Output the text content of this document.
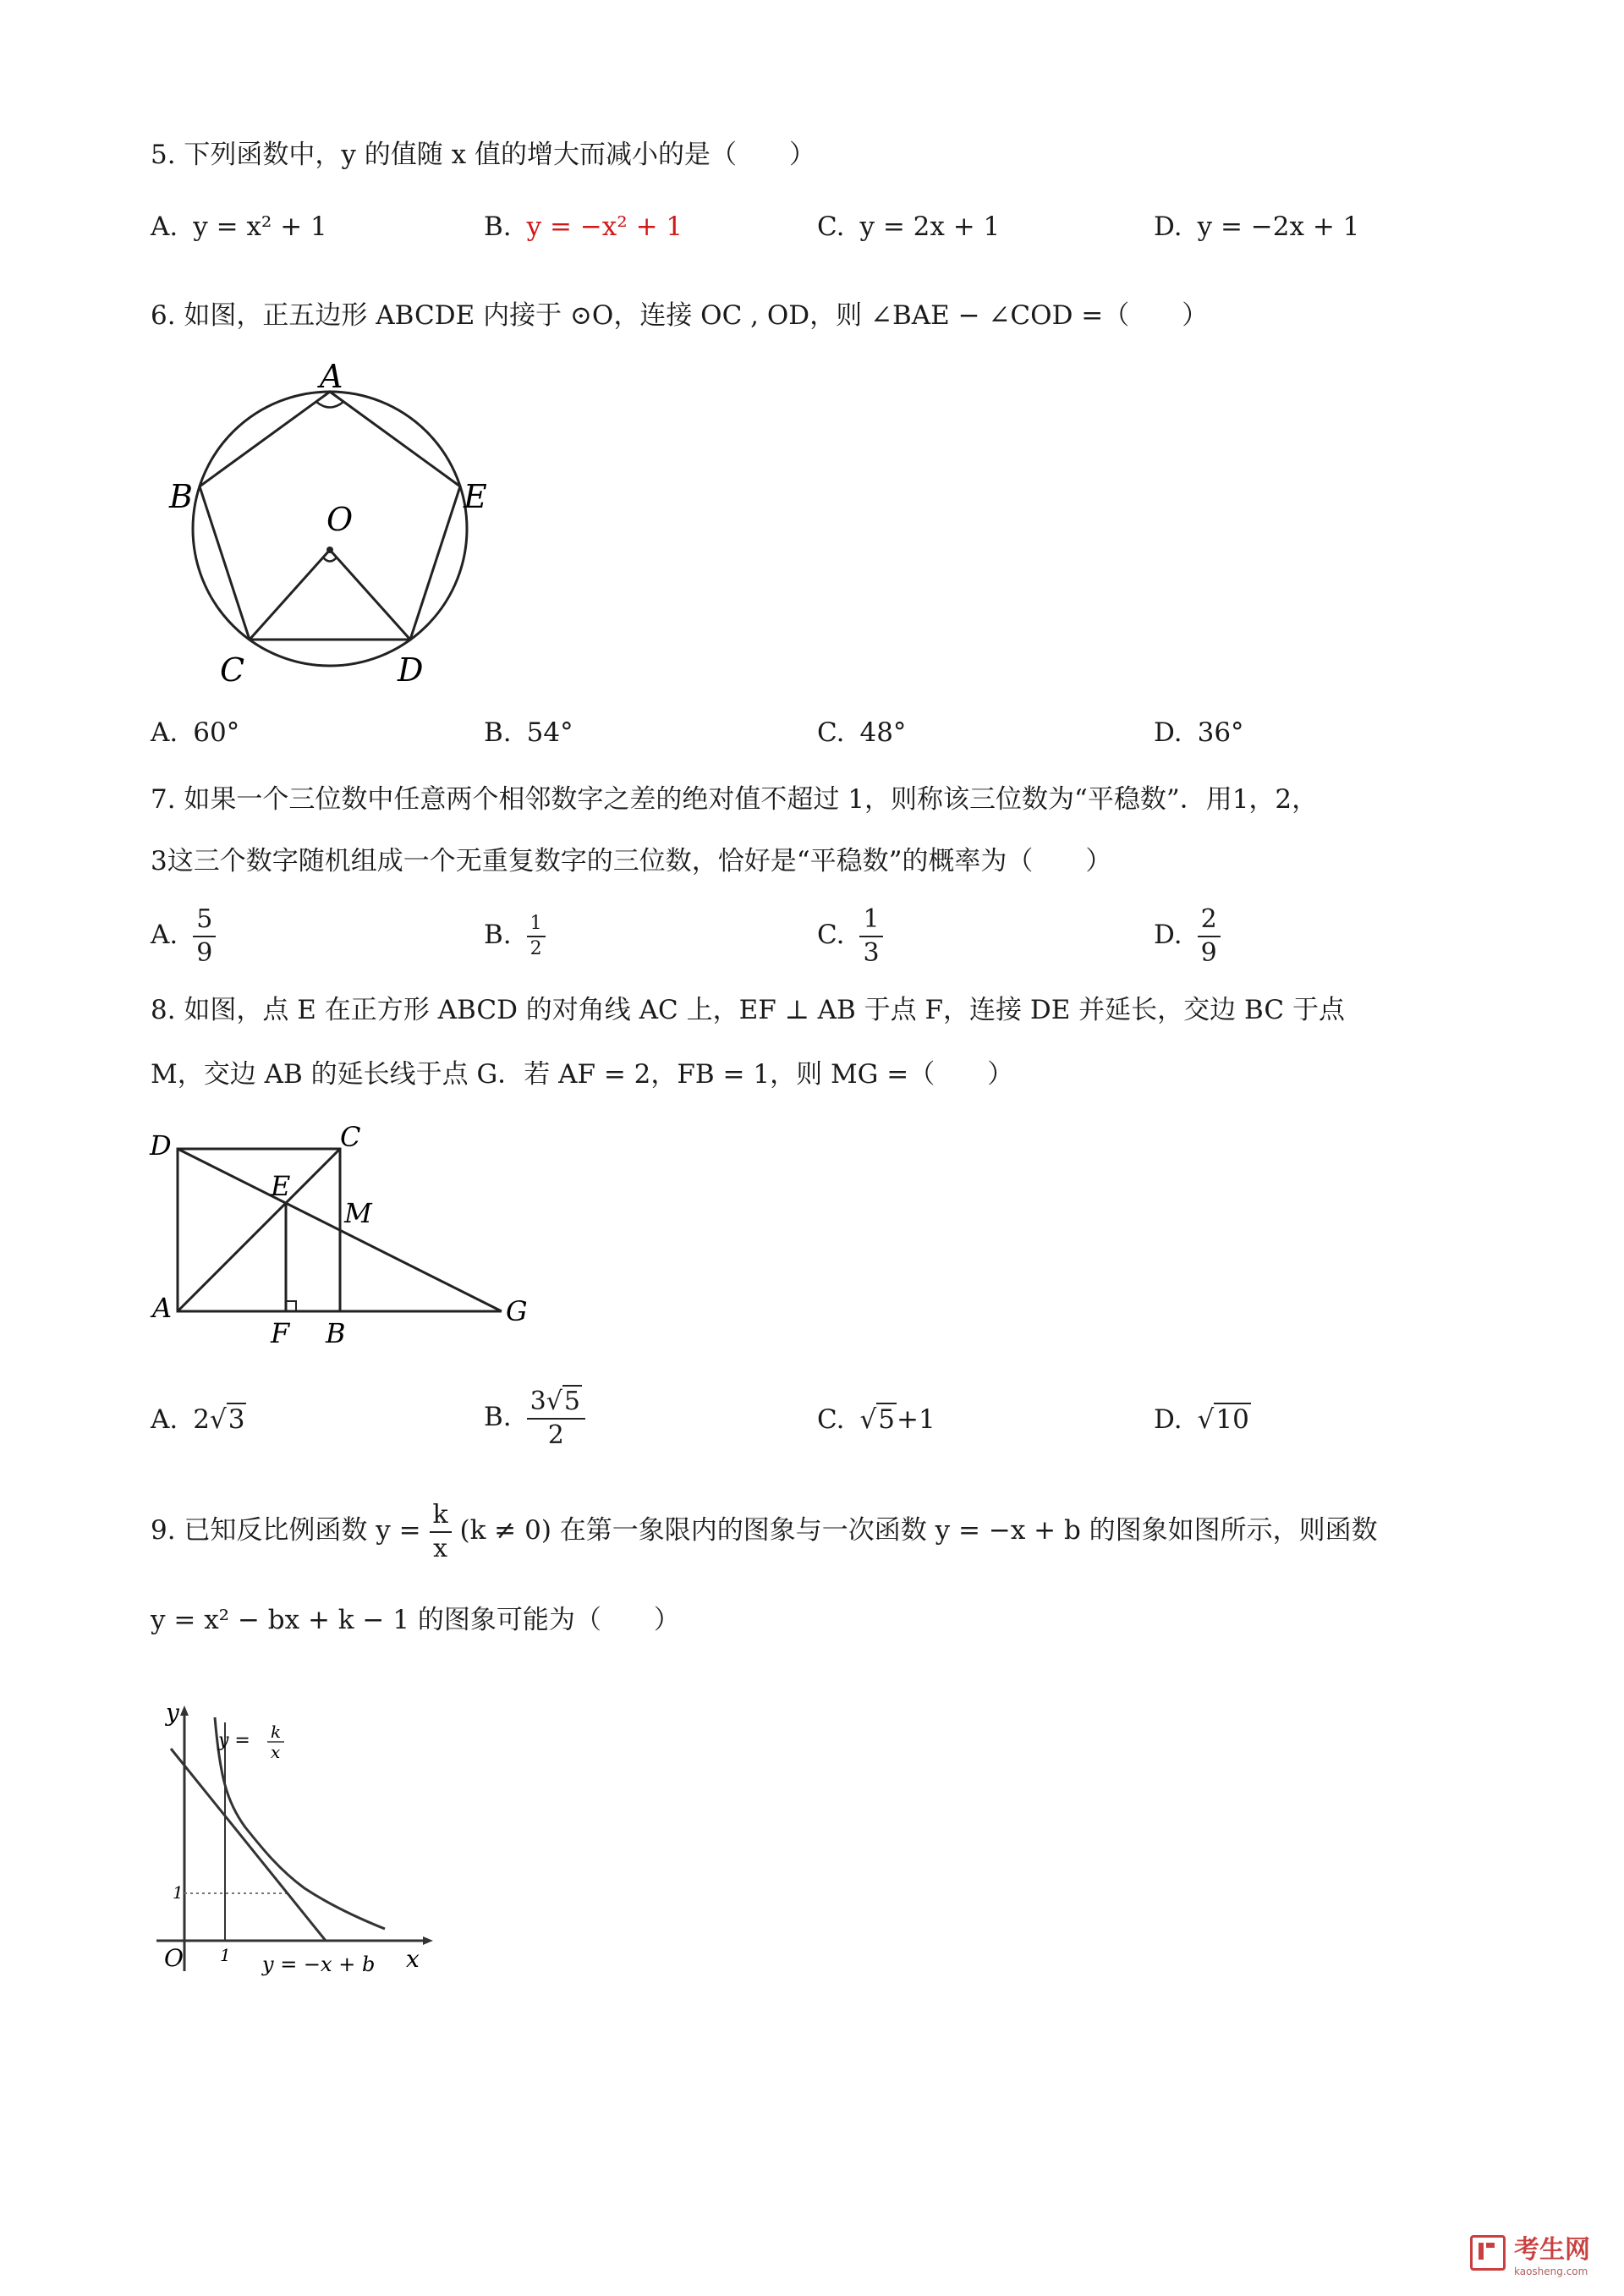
5. 下列函数中，y 的值随 x 值的增大而减小的是（　　）
A. y = x² + 1	B. y = −x² + 1	C. y = 2x + 1	D. y = −2x + 1
6. 如图，正五边形 ABCDE 内接于 ⊙O，连接 OC , OD，则 ∠BAE − ∠COD =（　　）
A
B	E
O
C	D
A. 60°	B. 54°	C. 48°	D. 36°
7. 如果一个三位数中任意两个相邻数字之差的绝对值不超过 1，则称该三位数为“平稳数”．用1，2，
3这三个数字随机组成一个无重复数字的三位数，恰好是“平稳数”的概率为（　　）
A. $\frac{5}{9}$	B. $\frac{1}{2}$	C. $\frac{1}{3}$	D. $\frac{2}{9}$
8. 如图，点 E 在正方形 ABCD 的对角线 AC 上，EF ⊥ AB 于点 F，连接 DE 并延长，交边 BC 于点
M，交边 AB 的延长线于点 G．若 AF = 2，FB = 1，则 MG =（　　）
D	C
E
M
A
F B
G
A. 2√3	B. $\frac{3√5}{2}$	C. √5+1	D. √10
9. 已知反比例函数 $y = \frac{k}{x} (k \ne 0)$ 在第一象限内的图象与一次函数 y = −x + b 的图象如图所示，则函数
y = x² − bx + k − 1 的图象可能为（　　）
y
x
O 1
1
y = k
x
y = −x + b
考生网
kaosheng.com
